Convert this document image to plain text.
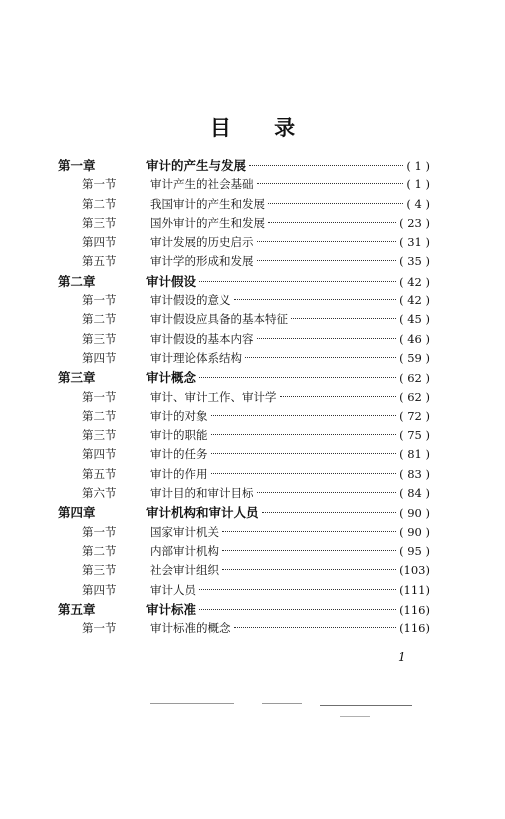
目 录
第一章	审计的产生与发展	( 1 )
第一节	审计产生的社会基础	( 1 )
第二节	我国审计的产生和发展	( 4 )
第三节	国外审计的产生和发展	( 23 )
第四节	审计发展的历史启示	( 31 )
第五节	审计学的形成和发展	( 35 )
第二章	审计假设	( 42 )
第一节	审计假设的意义	( 42 )
第二节	审计假设应具备的基本特征	( 45 )
第三节	审计假设的基本内容	( 46 )
第四节	审计理论体系结构	( 59 )
第三章	审计概念	( 62 )
第一节	审计、审计工作、审计学	( 62 )
第二节	审计的对象	( 72 )
第三节	审计的职能	( 75 )
第四节	审计的任务	( 81 )
第五节	审计的作用	( 83 )
第六节	审计目的和审计目标	( 84 )
第四章	审计机构和审计人员	( 90 )
第一节	国家审计机关	( 90 )
第二节	内部审计机构	( 95 )
第三节	社会审计组织	(103)
第四节	审计人员	(111)
第五章	审计标准	(116)
第一节	审计标准的概念	(116)
1
